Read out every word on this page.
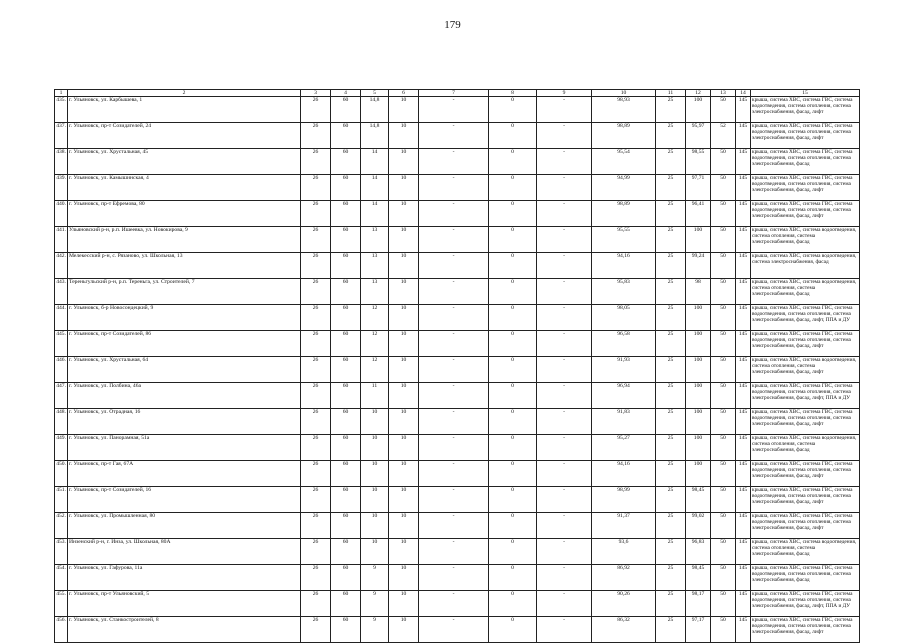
179
1	2	3	4	5	6	7	8	9	10	11	12	13	14	15
435.	г. Ульяновск, ул. Карбышева, 1	26	60	14,8	10	-	0	-	98,93	25	100	50	145	крыша, система ХВС, система ГВС, система водоотведения, система отопления, система электроснабжения, фасад, лифт
437.	г. Ульяновск, пр-т Созидателей, 24	26	60	14,8	10	-	0	-	98,89	25	95,97	52	145	крыша, система ХВС, система ГВС, система водоотведения, система отопления, система электроснабжения, фасад, лифт
438.	г. Ульяновск, ул. Хрустальная, 45	26	60	14	10	-	0	-	95,54	25	98,55	50	145	крыша, система ХВС, система ГВС, система водоотведения, система отопления, система электроснабжения, фасад
439.	г. Ульяновск, ул. Камышинская, 4	26	60	14	10	-	0	-	94,99	25	97,71	50	145	крыша, система ХВС, система ГВС, система водоотведения, система отопления, система электроснабжения, фасад, лифт
440.	г. Ульяновск, пр-т Ефремова, 80	26	60	14	10	-	0	-	98,89	25	96,41	50	145	крыша, система ХВС, система ГВС, система водоотведения, система отопления, система электроснабжения, фасад, лифт
441.	Ульяновский р-н, р.п. Ишеевка, ул. Новокирова, 9	26	60	13	10	-	0	-	95,55	25	100	50	145	крыша, система ХВС, система водоотведения, система отопления, система электроснабжения, фасад
442.	Мелекесский р-н, с. Рязаново, ул. Школьная, 13	26	60	13	10	-	0	-	94,16	25	99,24	50	145	крыша, система ХВС, система водоотведения, система электроснабжения, фасад
443.	Тереньгульский р-н, р.п. Тереньга, ул. Строителей, 7	26	60	13	10	-	0	-	95,83	25	98	50	145	крыша, система ХВС, система водоотведения, система отопления, система электроснабжения, фасад
444.	г. Ульяновск, б-р Новосондецкий, 9	26	60	12	10	-	0	-	98,05	25	100	50	145	крыша, система ХВС, система ГВС, система водоотведения, система отопления, система электроснабжения, фасад, лифт, ППА и ДУ
445.	г. Ульяновск, пр-т Созидателей, 86	26	60	12	10	-	0	-	96,58	25	100	50	145	крыша, система ХВС, система ГВС, система водоотведения, система отопления, система электроснабжения, фасад, лифт
446.	г. Ульяновск, ул. Хрустальная, 64	26	60	12	10	-	0	-	91,93	25	100	50	145	крыша, система ХВС, система водоотведения, система отопления, система электроснабжения, фасад, лифт
447.	г. Ульяновск, ул. Полбина, 46а	26	60	11	10	-	0	-	96,94	25	100	50	145	крыша, система ХВС, система ГВС, система водоотведения, система отопления, система электроснабжения, фасад, лифт, ППА и ДУ
448.	г. Ульяновск, ул. Отрадная, 16	26	60	10	10	-	0	-	91,83	25	100	50	145	крыша, система ХВС, система ГВС, система водоотведения, система отопления, система электроснабжения, фасад, лифт
449.	г. Ульяновск, ул. Панорамная, 51а	26	60	10	10	-	0	-	95,27	25	100	50	145	крыша, система ХВС, система водоотведения, система отопления, система электроснабжения, фасад
450.	г. Ульяновск, пр-т Гая, 67А	26	60	10	10	-	0	-	94,16	25	100	50	145	крыша, система ХВС, система ГВС, система водоотведения, система отопления, система электроснабжения, фасад, лифт
451.	г. Ульяновск, пр-т Созидателей, 16	26	60	10	10	-	0	-	98,99	25	98,45	50	145	крыша, система ХВС, система ГВС, система водоотведения, система отопления, система электроснабжения, фасад, лифт
452.	г. Ульяновск, ул. Промышленная, 80	26	60	10	10	-	0	-	91,37	25	99,02	50	145	крыша, система ХВС, система ГВС, система водоотведения, система отопления, система электроснабжения, фасад, лифт
453.	Инзенский р-н, г. Инза, ул. Школьная, 80А	26	60	10	10	-	0	-	93,6	25	96,83	50	145	крыша, система ХВС, система водоотведения, система отопления, система электроснабжения, фасад
454.	г. Ульяновск, ул. Гафурова, 11а	26	60	9	10	-	0	-	86,92	25	98,45	50	145	крыша, система ХВС, система ГВС, система водоотведения, система отопления, система электроснабжения, фасад
455.	г. Ульяновск, пр-т Ульяновский, 5	26	60	9	10	-	0	-	90,26	25	98,17	50	145	крыша, система ХВС, система ГВС, система водоотведения, система отопления, система электроснабжения, фасад, лифт, ППА и ДУ
456.	г. Ульяновск, ул. Станкостроителей, 8	26	60	9	10	-	0	-	86,32	25	97,17	50	145	крыша, система ХВС, система ГВС, система водоотведения, система отопления, система электроснабжения, фасад, лифт
